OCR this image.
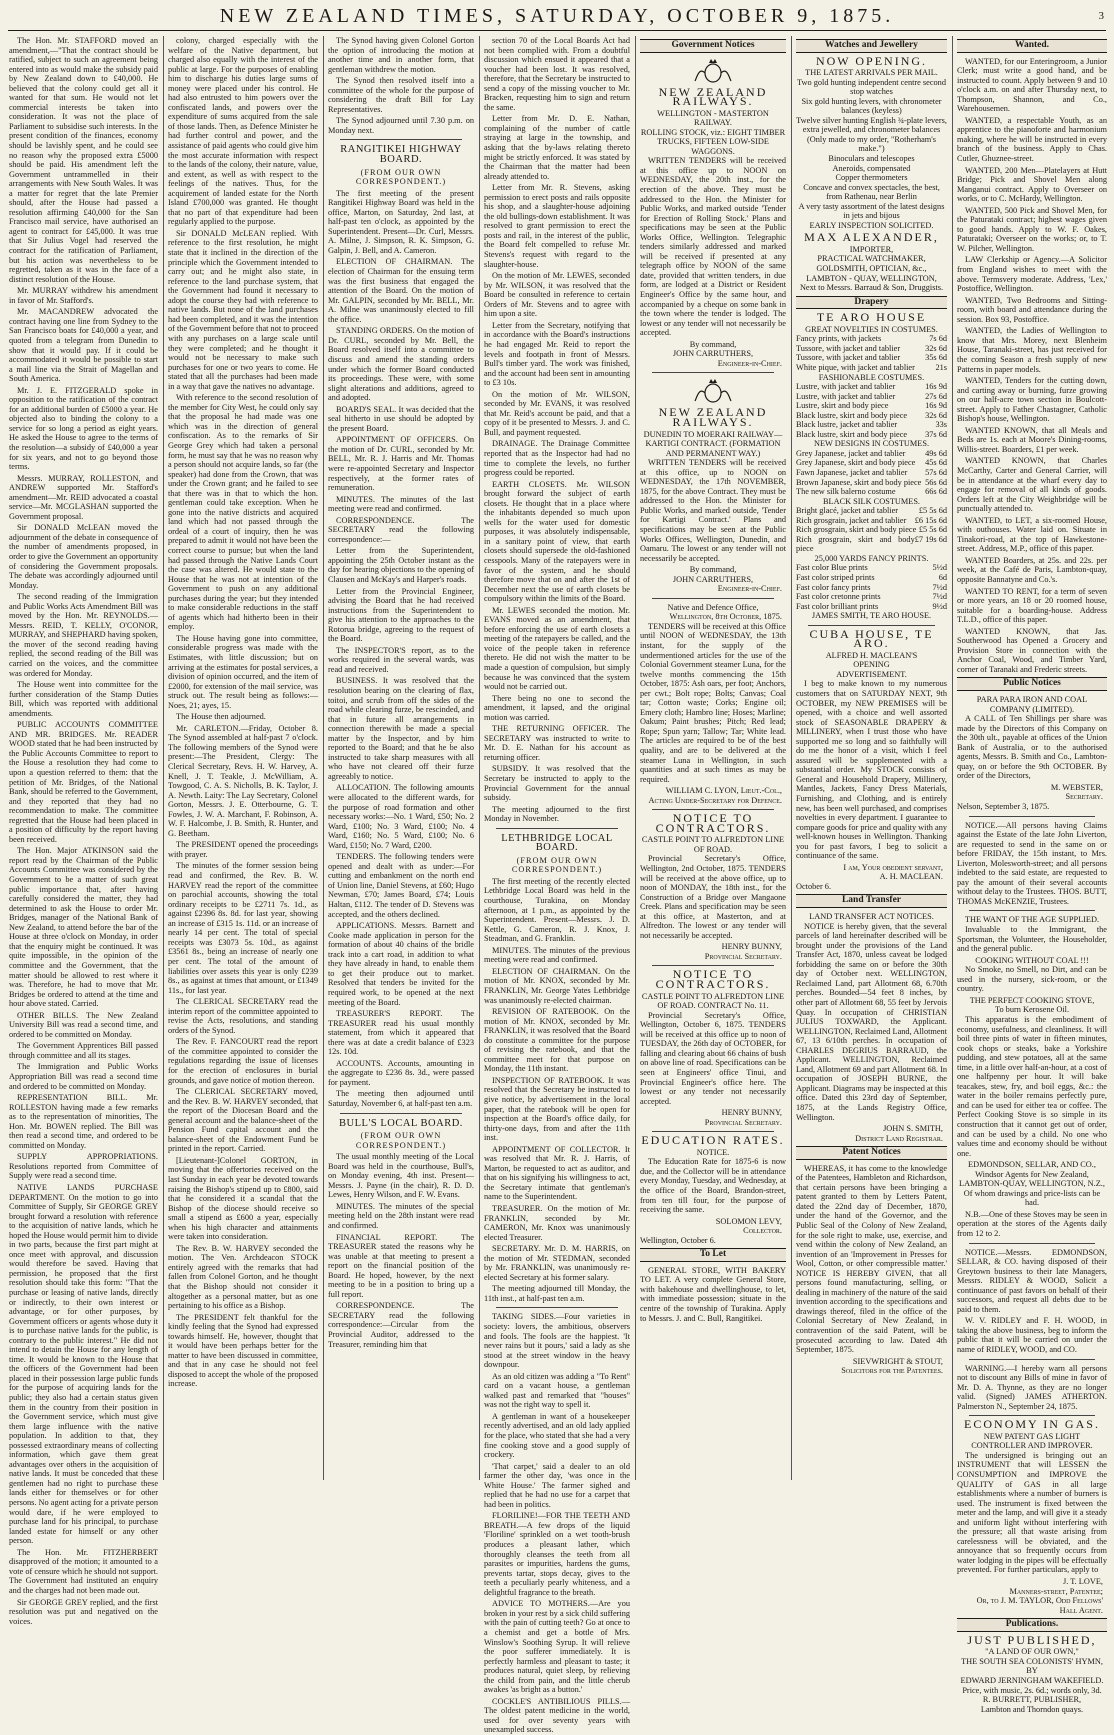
NEW ZEALAND TIMES, SATURDAY, OCTOBER 9, 1875.	3

The Hon. Mr. STAFFORD moved an amendment,—"That the contract should be ratified, subject to such an agreement being entered into as would make the subsidy paid by New Zealand down to £40,000. He believed that the colony could get all it wanted for that sum. He would not let commercial interests be taken into consideration. It was not the place of Parliament to subsidise such interests. In the present condition of the finances, economy should be lavishly spent, and he could see no reason why the proposed extra £5000 should be paid. His amendment left the Government untrammelled in their arrangements with New South Wales. It was a matter for regret that the late Premier should, after the House had passed a resolution affirming £40,000 for the San Francisco mail service, have authorised an agent to contract for £45,000. It was true that Sir Julius Vogel had reserved the contract for the ratification of Parliament, but his action was nevertheless to be regretted, taken as it was in the face of a distinct resolution of the House.

Mr. MURRAY withdrew his amendment in favor of Mr. Stafford's.

Mr. MACANDREW advocated the contract having one line from Sydney to the San Francisco boats for £40,000 a year, and quoted from a telegram from Dunedin to show that it would pay. If it could be accommodated it would be possible to start a mail line via the Strait of Magellan and South America.

Mr. J. E. FITZGERALD spoke in opposition to the ratification of the contract for an additional burden of £5000 a year. He objected also to binding the colony to a service for so long a period as eight years. He asked the House to agree to the terms of the resolution—a subsidy of £40,000 a year for six years, and not to go beyond those terms.

Messrs. MURRAY, ROLLESTON, and ANDREW supported Mr. Stafford's amendment—Mr. REID advocated a coastal service—Mr. MCGLASHAN supported the Government proposal.

Sir DONALD McLEAN moved the adjournment of the debate in consequence of the number of amendments proposed, in order to give the Government an opportunity of considering the Government proposals. The debate was accordingly adjourned until Monday.

The second reading of the Immigration and Public Works Acts Amendment Bill was moved by the Hon. Mr. REYNOLDS.—Messrs. REID, T. KELLY, O'CONOR, MURRAY, and SHEPHARD having spoken, the mover of the second reading having replied, the second reading of the Bill was carried on the voices, and the committee was ordered for Monday.

The House went into committee for the further consideration of the Stamp Duties Bill, which was reported with additional amendments.

PUBLIC ACCOUNTS COMMITTEE AND MR. BRIDGES. Mr. READER WOOD stated that he had been instructed by the Public Accounts Committee to report to the House a resolution they had come to upon a question referred to them: that the petition of Mr. Bridges, of the National Bank, should be referred to the Government, and they reported that they had no recommendation to make. The committee regretted that the House had been placed in a position of difficulty by the report having been received.

The Hon. Major ATKINSON said the report read by the Chairman of the Public Accounts Committee was considered by the Government to be a matter of such great public importance that, after having carefully considered the matter, they had determined to ask the House to order Mr. Bridges, manager of the National Bank of New Zealand, to attend before the bar of the House at three o'clock on Monday, in order that the enquiry might be continued. It was quite impossible, in the opinion of the committee and the Government, that the matter should be allowed to rest where it was. Therefore, he had to move that Mr. Bridges be ordered to attend at the time and hour above stated. Carried.

OTHER BILLS. The New Zealand University Bill was read a second time, and ordered to be committed on Monday.

The Government Apprentices Bill passed through committee and all its stages.

The Immigration and Public Works Appropriation Bill was read a second time and ordered to be committed on Monday.

REPRESENTATION BILL. Mr. ROLLESTON having made a few remarks as to the representation of minorities, The Hon. Mr. BOWEN replied. The Bill was then read a second time, and ordered to be committed on Monday.

SUPPLY APPROPRIATIONS. Resolutions reported from Committee of Supply were read a second time.

NATIVE LANDS PURCHASE DEPARTMENT. On the motion to go into Committee of Supply, Sir GEORGE GREY brought forward a resolution with reference to the acquisition of native lands, which he hoped the House would permit him to divide in two parts, because the first part might at once meet with approval, and discussion would therefore be saved. Having that permission, he proposed that the first resolution should take this form: "That the purchase or leasing of native lands, directly or indirectly, to their own interest or advantage, or for other purposes, by Government officers or agents whose duty it is to purchase native lands for the public, is contrary to the public interest." He did not intend to detain the House for any length of time. It would be known to the House that the officers of the Government had been placed in their possession large public funds for the purpose of acquiring lands for the public; they also had a certain status given them in the country from their position in the Government service, which must give them large influence with the native population. In addition to that, they possessed extraordinary means of collecting information, which gave them great advantages over others in the acquisition of native lands. It must be conceded that these gentlemen had no right to purchase these lands either for themselves or for other persons. No agent acting for a private person would dare, if he were employed to purchase land for his principal, to purchase landed estate for himself or any other person.

The Hon. Mr. FITZHERBERT disapproved of the motion; it amounted to a vote of censure which he should not support. The Government had instituted an enquiry and the charges had not been made out.

Sir GEORGE GREY replied, and the first resolution was put and negatived on the voices.

colony, charged especially with the welfare of the Native department, but charged also equally with the interest of the public at large. For the purposes of enabling him to discharge his duties large sums of money were placed under his control. He had also entrusted to him powers over the confiscated lands, and powers over the expenditure of sums acquired from the sale of those lands. Then, as Defence Minister he had further control and power, and the assistance of paid agents who could give him the most accurate information with respect to the lands of the colony, their nature, value, and extent, as well as with respect to the feelings of the natives. Thus, for the acquirement of landed estate for the North Island £700,000 was granted. He thought that no part of that expenditure had been regularly applied to the purpose.

Sir DONALD McLEAN replied. With reference to the first resolution, he might state that it inclined in the direction of the principle which the Government intended to carry out; and he might also state, in reference to the land purchase system, that the Government had found it necessary to adopt the course they had with reference to native lands. But none of the land purchases had been completed, and it was the intention of the Government before that not to proceed with any purchases on a large scale until they were completed; and he thought it would not be necessary to make such purchases for one or two years to come. He stated that all the purchases had been made in a way that gave the natives no advantage.

With reference to the second resolution of the member for City West, he could only say that the proposal he had made was one which was in the direction of general confiscation. As to the remarks of Sir George Grey which had taken a personal form, he must say that he was no reason why a person should not acquire lands, so far (the speaker) had done from the Crown, that was under the Crown grant; and he failed to see that there was in that to which the hon. gentleman could take exception. When he gone into the native districts and acquired land which had not passed through the ordeal of a court of inquiry, then he was prepared to admit it would not have been the correct course to pursue; but when the land had passed through the Native Lands Court the case was altered. He would state to the House that he was not at intention of the Government to push on any additional purchases during the year; but they intended to make considerable reductions in the staff of agents which had hitherto been in their employ.

The House having gone into committee, considerable progress was made with the Estimates, with little discussion; but on arriving at the estimates for postal services, a division of opinion occurred, and the item of £2000, for extension of the mail service, was struck out. The result being as follows:—Noes, 21; ayes, 15.

The House then adjourned.

Mr. CARLETON.—Friday, October 8. The Synod assembled at half-past 7 o'clock. The following members of the Synod were present:—The President, Clergy: The Clerical Secretary, Revs. H. W. Harvey, A. Knell, J. T. Teakle, J. McWilliam, A. Towgood, C. A. S. Nicholls, B. K. Taylor, J. A. Newth. Laity: The Lay Secretary, Colonel Gorton, Messrs. J. E. Otterbourne, G. T. Fowles, J. W. A. Marchant, F. Robinson, A. W. F. Halcombe, J. B. Smith, R. Hunter, and G. Beetham.

The PRESIDENT opened the proceedings with prayer.

The minutes of the former session being read and confirmed, the Rev. B. W. HARVEY read the report of the committee on parochial accounts, showing the total ordinary receipts to be £2711 7s. 1d., as against £2396 8s. 8d. for last year, showing an increase of £315 1s. 11d. or an increase of nearly 14 per cent. The total of special receipts was £3073 5s. 10d., as against £3561 8s., being an increase of nearly one per cent. The total of the amount of liabilities over assets this year is only £239 8s., as against at times that amount, or £1349 11s., for last year.

The CLERICAL SECRETARY read the interim report of the committee appointed to revise the Acts, resolutions, and standing orders of the Synod.

The Rev. F. FANCOURT read the report of the committee appointed to consider the regulations regarding the issue of licenses for the erection of enclosures in burial grounds, and gave notice of motion thereon.

The CLERICAL SECRETARY moved, and the Rev. B. W. HARVEY seconded, that the report of the Diocesan Board and the general account and the balance-sheet of the Pension Fund capital account and the balance-sheet of the Endowment Fund be printed in the report. Carried.

[Lieutenant-]Colonel GORTON, in moving that the offertories received on the last Sunday in each year be devoted towards raising the Bishop's stipend up to £800, said that he considered it a scandal that the Bishop of the diocese should receive so small a stipend as £600 a year, especially when his high character and attainments were taken into consideration.

The Rev. B. W. HARVEY seconded the motion. The Ven. Archdeacon STOCK entirely agreed with the remarks that had fallen from Colonel Gorton, and he thought that the Bishop should not consider it altogether as a personal matter, but as one pertaining to his office as a Bishop.

The PRESIDENT felt thankful for the kindly feeling that the Synod had expressed towards himself. He, however, thought that it would have been perhaps better for the matter to have been discussed in committee, and that in any case he should not feel disposed to accept the whole of the proposed increase.

The Synod having given Colonel Gorton the option of introducing the motion at another time and in another form, that gentleman withdrew the motion.

The Synod then resolved itself into a committee of the whole for the purpose of considering the draft Bill for Lay Representatives.

The Synod adjourned until 7.30 p.m. on Monday next.

RANGITIKEI HIGHWAY BOARD.
(FROM OUR OWN CORRESPONDENT.)

The first meeting of the present Rangitikei Highway Board was held in the office, Marton, on Saturday, 2nd last, at half-past ten o'clock, as appointed by the Superintendent. Present—Dr. Curl, Messrs. A. Milne, J. Simpson, R. K. Simpson, G. Galpin, J. Bell, and A. Cameron.

ELECTION OF CHAIRMAN. The election of Chairman for the ensuing term was the first business that engaged the attention of the Board. On the motion of Mr. GALPIN, seconded by Mr. BELL, Mr. A. Milne was unanimously elected to fill the office.

STANDING ORDERS. On the motion of Dr. CURL, seconded by Mr. Bell, the Board resolved itself into a committee to discuss and amend the standing orders under which the former Board conducted its proceedings. These were, with some slight alterations and additions, agreed to and adopted.

BOARD'S SEAL. It was decided that the seal hitherto in use should be adopted by the present Board.

APPOINTMENT OF OFFICERS. On the motion of Dr. CURL, seconded by Mr. BELL, Mr. R. J. Harris and Mr. Thomas were re-appointed Secretary and Inspector respectively, at the former rates of remuneration.

MINUTES. The minutes of the last meeting were read and confirmed.

CORRESPONDENCE. The SECRETARY read the following correspondence:—

Letter from the Superintendent, appointing the 25th October instant as the day for hearing objections to the opening of Clausen and McKay's and Harper's roads.

Letter from the Provincial Engineer, advising the Board that he had received instructions from the Superintendent to give his attention to the approaches to the Rotorua bridge, agreeing to the request of the Board.

The INSPECTOR'S report, as to the works required in the several wards, was read and received.

BUSINESS. It was resolved that the resolution bearing on the clearing of flax, toitoi, and scrub from off the sides of the road while clearing furze, be rescinded, and that in future all arrangements in connection therewith be made a special matter by the Inspector, and by him reported to the Board; and that he be also instructed to take sharp measures with all who have not cleared off their furze agreeably to notice.

ALLOCATION. The following amounts were allocated to the different wards, for the purpose of road formation and other necessary works:—No. 1 Ward, £50; No. 2 Ward, £100; No. 3 Ward, £100; No. 4 Ward, £160; No. 5 Ward, £100; No. 6 Ward, £150; No. 7 Ward, £200.

TENDERS. The following tenders were opened and dealt with as under:—For cutting and embankment on the north end of Union line, Daniel Stevens, at £60; Hugo Newman, £70; James Board, £74; Louis Haltan, £112. The tender of D. Stevens was accepted, and the others declined.

APPLICATIONS. Messrs. Barnett and Cooke made application in person for the formation of about 40 chains of the bridle track into a cart road, in addition to what they have already in hand, to enable them to get their produce out to market. Resolved that tenders be invited for the required work, to be opened at the next meeting of the Board.

TREASURER'S REPORT. The TREASURER read his usual monthly statement, from which it appeared that there was at date a credit balance of £323 12s. 10d.

ACCOUNTS. Accounts, amounting in the aggregate to £236 8s. 3d., were passed for payment.

The meeting then adjourned until Saturday, November 6, at half-past ten a.m.

BULL'S LOCAL BOARD.
(FROM OUR OWN CORRESPONDENT.)

The usual monthly meeting of the Local Board was held in the courthouse, Bull's, on Monday evening, 4th inst. Present—Messrs. J. Payne (in the chair), R. D. D. Lewes, Henry Wilson, and F. W. Evans.

MINUTES. The minutes of the special meeting held on the 28th instant were read and confirmed.

FINANCIAL REPORT. The TREASURER stated the reasons why he was unable at that meeting to present a report on the financial position of the Board. He hoped, however, by the next meeting to be in a position to bring up a full report.

CORRESPONDENCE. The SECRETARY read the following correspondence:—Circular from the Provincial Auditor, addressed to the Treasurer, reminding him that

section 70 of the Local Boards Act had not been complied with. From a doubtful discussion which ensued it appeared that a voucher had been lost. It was resolved, therefore, that the Secretary be instructed to send a copy of the missing voucher to Mr. Bracken, requesting him to sign and return the same.

Letter from Mr. D. E. Nathan, complaining of the number of cattle straying at large in the township, and asking that the by-laws relating thereto might be strictly enforced. It was stated by the Chairman that the matter had been already attended to.

Letter from Mr. R. Stevens, asking permission to erect posts and rails opposite his shop, and a slaughter-house adjoining the old bullings-down establishment. It was resolved to grant permission to erect the posts and rail, in the interest of the public, the Board felt compelled to refuse Mr. Stevens's request with regard to the slaughter-house.

On the motion of Mr. LEWES, seconded by Mr. WILSON, it was resolved that the Board be consulted in reference to certain Orders of Mr. Stevens and to agree with him upon a site.

Letter from the Secretary, notifying that in accordance with the Board's instructions he had engaged Mr. Reid to report the levels and footpath in front of Messrs. Bull's timber yard. The work was finished, and the account had been sent in amounting to £3 10s.

On the motion of Mr. WILSON, seconded by Mr. EVANS, it was resolved that Mr. Reid's account be paid, and that a copy of it be presented to Messrs. J. and C. Bull, and payment requested.

DRAINAGE. The Drainage Committee reported that as the Inspector had had no time to complete the levels, no further progress could be reported.

EARTH CLOSETS. Mr. WILSON brought forward the subject of earth closets. He thought that in a place where the inhabitants depended so much upon wells for the water used for domestic purposes, it was absolutely indispensable, in a sanitary point of view, that earth closets should supersede the old-fashioned cesspools. Many of the ratepayers were in favor of the system, and he should therefore move that on and after the 1st of December next the use of earth closets be compulsory within the limits of the Board.

Mr. LEWES seconded the motion. Mr. EVANS moved as an amendment, that before enforcing the use of earth closets a meeting of the ratepayers be called, and the voice of the people taken in reference thereto. He did not wish the matter to be made a question of compulsion, but simply because he was convinced that the system would not be carried out.

There being no one to second the amendment, it lapsed, and the original motion was carried.

THE RETURNING OFFICER. The SECRETARY was instructed to write to Mr. D. E. Nathan for his account as returning officer.

SUBSIDY. It was resolved that the Secretary be instructed to apply to the Provincial Government for the annual subsidy.

The meeting adjourned to the first Monday in November.

LETHBRIDGE LOCAL BOARD.
(FROM OUR OWN CORRESPONDENT.)

The first meeting of the recently elected Lethbridge Local Board was held in the courthouse, Turakina, on Monday afternoon, at 1 p.m., as appointed by the Superintendent. Present—Messrs. J. D. Kettle, G. Cameron, R. J. Knox, J. Steadman, and G. Franklin.

MINUTES. The minutes of the previous meeting were read and confirmed.

ELECTION OF CHAIRMAN. On the motion of Mr. KNOX, seconded by Mr. FRANKLIN, Mr. George Yates Lethbridge was unanimously re-elected chairman.

REVISION OF RATEBOOK. On the motion of Mr. KNOX, seconded by Mr. FRANKLIN, it was resolved that the Board do constitute a committee for the purpose of revising the ratebook, and that the committee meet for that purpose on Monday, the 11th instant.

INSPECTION OF RATEBOOK. It was resolved that the Secretary be instructed to give notice, by advertisement in the local paper, that the ratebook will be open for inspection at the Board's office daily, for thirty-one days, from and after the 11th inst.

APPOINTMENT OF COLLECTOR. It was resolved that Mr. R. J. Harris, of Marton, be requested to act as auditor, and that on his signifying his willingness to act, the Secretary intimate that gentleman's name to the Superintendent.

TREASURER. On the motion of Mr. FRANKLIN, seconded by Mr. CAMERON, Mr. Knox was unanimously elected Treasurer.

SECRETARY. Mr. D. M. HARRIS, on the motion of Mr. STEDMAN, seconded by Mr. FRANKLIN, was unanimously re-elected Secretary at his former salary.

The meeting adjourned till Monday, the 11th inst., at half-past ten a.m.

TAKING SIDES.—Four varieties in society: lovers, the ambitious, observers and fools. The fools are the happiest. 'It never rains but it pours,' said a lady as she stood at the street window in the heavy downpour.

As an old citizen was adding a "To Rent" card on a vacant house, a gentleman walked past and remarked that "houses" was not the right way to spell it.

A gentleman in want of a housekeeper recently advertised, and an old lady applied for the place, who stated that she had a very fine cooking stove and a good supply of crockery.

'That carpet,' said a dealer to an old farmer the other day, 'was once in the White House.' The farmer sighed and replied that he had no use for a carpet that had been in politics.

FLORILINE!—FOR THE TEETH AND BREATH.—A few drops of the liquid 'Floriline' sprinkled on a wet tooth-brush produces a pleasant lather, which thoroughly cleanses the teeth from all parasites or impurities, hardens the gums, prevents tartar, stops decay, gives to the teeth a peculiarly pearly whiteness, and a delightful fragrance to the breath.

ADVICE TO MOTHERS.—Are you broken in your rest by a sick child suffering with the pain of cutting teeth? Go at once to a chemist and get a bottle of Mrs. Winslow's Soothing Syrup. It will relieve the poor sufferer immediately. It is perfectly harmless and pleasant to taste; it produces natural, quiet sleep, by relieving the child from pain, and the little cherub awakes 'as bright as a button.'

COCKLE'S ANTIBILIOUS PILLS.—The oldest patent medicine in the world, used for over seventy years with unexampled success.

Government Notices
NEW ZEALAND RAILWAYS.
WELLINGTON - MASTERTON RAILWAY.
ROLLING STOCK, viz.: EIGHT TIMBER TRUCKS, FIFTEEN LOW-SIDE WAGGONS.

WRITTEN TENDERS will be received at this office up to NOON on WEDNESDAY, the 20th inst., for the erection of the above. They must be addressed to the Hon. the Minister for Public Works, and marked outside 'Tender for Erection of Rolling Stock.' Plans and specifications may be seen at the Public Works Office, Wellington. Telegraphic tenders similarly addressed and marked will be received if presented at any telegraph office by NOON of the same date, provided that written tenders, in due form, are lodged at a District or Resident Engineer's Office by the same hour, and accompanied by a cheque on some bank in the town where the tender is lodged. The lowest or any tender will not necessarily be accepted.

By command,
JOHN CARRUTHERS,
Engineer-in-Chief.
NEW ZEALAND RAILWAYS.
DUNEDIN TO MOERAKI RAILWAY—KARTIGI CONTRACT. (FORMATION AND PERMANENT WAY.)

WRITTEN TENDERS will be received at this office, up to NOON on WEDNESDAY, the 17th NOVEMBER, 1875, for the above Contract. They must be addressed to the Hon. the Minister for Public Works, and marked outside, 'Tender for Kartigi Contract.' Plans and specifications may be seen at the Public Works Offices, Wellington, Dunedin, and Oamaru. The lowest or any tender will not necessarily be accepted.

By command,
JOHN CARRUTHERS,
Engineer-in-Chief.
Native and Defence Office,
Wellington, 8th October, 1875.

TENDERS will be received at this Office until NOON of WEDNESDAY, the 13th instant, for the supply of the undermentioned articles for the use of the Colonial Government steamer Luna, for the twelve months commencing the 15th October, 1875: Ash oars, per foot; Anchors, per cwt.; Bolt rope; Bolts; Canvas; Coal tar; Cotton waste; Corks; Engine oil; Emery cloth; Hambro line; Hoses; Marline; Oakum; Paint brushes; Pitch; Red lead; Rope; Spun yarn; Tallow; Tar; White lead. The articles are required to be of the best quality, and are to be delivered at the steamer Luna in Wellington, in such quantities and at such times as may be required.

WILLIAM C. LYON, Lieut.-Col.,
Acting Under-Secretary for Defence.
NOTICE TO CONTRACTORS.
CASTLE POINT TO ALFREDTON LINE OF ROAD.

Provincial Secretary's Office, Wellington, 2nd October, 1875. TENDERS will be received at the above office, up to noon of MONDAY, the 18th inst., for the Construction of a Bridge over Mangaone Creek. Plans and specification may be seen at this office, at Masterton, and at Alfredton. The lowest or any tender will not necessarily be accepted.

HENRY BUNNY,
Provincial Secretary.
NOTICE TO CONTRACTORS.
CASTLE POINT TO ALFREDTON LINE OF ROAD. CONTRACT No. 11.

Provincial Secretary's Office, Wellington, October 6, 1875. TENDERS will be received at this office up to noon of TUESDAY, the 26th day of OCTOBER, for falling and clearing about 66 chains of bush on above line of road. Specifications can be seen at Engineers' office Tinui, and Provincial Engineer's office here. The lowest or any tender not necessarily accepted.

HENRY BUNNY,
Provincial Secretary.
EDUCATION RATES.
NOTICE.

The Education Rate for 1875-6 is now due, and the Collector will be in attendance every Monday, Tuesday, and Wednesday, at the office of the Board, Brandon-street, from ten till four, for the purpose of receiving the same.

SOLOMON LEVY,
Collector.
Wellington, October 6.
To Let

GENERAL STORE, WITH BAKERY TO LET. A very complete General Store, with bakehouse and dwellinghouse, to let, with immediate possession; situate in the centre of the township of Turakina. Apply to Messrs. J. and C. Bull, Rangitikei.

Watches and Jewellery
NOW OPENING.
THE LATEST ARRIVALS PER MAIL.
Two gold hunting independent centre second stop watches
Six gold hunting levers, with chronometer balances (keyless)
Twelve silver hunting English ¾-plate levers, extra jewelled, and chronometer balances
(Only made to my order, "Rotherham's make.")
Binoculars and telescopes
Aneroids, compensated
Copper thermometers
Concave and convex spectacles, the best, from Rathenau, near Berlin
A very tasty assortment of the latest designs in jets and bijous
EARLY INSPECTION SOLICITED.
MAX ALEXANDER,
IMPORTER,
PRACTICAL WATCHMAKER, GOLDSMITH, OPTICIAN, &c.,
LAMBTON - QUAY, WELLINGTON,
Next to Messrs. Barraud & Son, Druggists.
Drapery
TE ARO HOUSE
GREAT NOVELTIES IN COSTUMES.
Fancy prints, with jackets	7s 6d
Tussore, with jacket and tablier	32s 6d
Tussore, with jacket and tablier	35s 6d
White pique, with jacket and tablier	21s
FASHIONABLE COSTUMES.
Lustre, with jacket and tablier	16s 9d
Lustre, with jacket and tablier	27s 6d
Lustre, skirt and body piece	16s 9d
Black lustre, skirt and body piece	32s 6d
Black lustre, jacket and tablier	33s
Black lustre, skirt and body piece	37s 6d
NEW DESIGNS IN COSTUMES.
Grey Japanese, jacket and tablier	49s 6d
Grey Japanese, skirt and body piece	45s 6d
Fawn Japanese, jacket and tablier	57s 6d
Brown Japanese, skirt and body piece 56s 6d
The new silk balerno costume	66s 6d
BLACK SILK COSTUMES.
Bright glacé, jacket and tablier	£5 5s 6d
Rich grosgrain, jacket and tablier	£6 15s 6d
Rich grosgrain, skirt and body piece £5 5s 6d
Rich grosgrain, skirt and body piece
£7 19s 6d
25,000 YARDS FANCY PRINTS.
Fast color Blue prints	5½d
Fast color striped prints	6d
Fast color fancy prints	7½d
Fast color cretonne prints	7½d
Fast color brilliant prints	9½d
JAMES SMITH, TE ARO HOUSE.
CUBA HOUSE, TE ARO.
ALFRED H. MACLEAN'S
OPENING
ADVERTISEMENT.

I beg to make known to my numerous customers that on SATURDAY NEXT, 9th OCTOBER, my NEW PREMISES will be opened, with a choice and well assorted stock of SEASONABLE DRAPERY & MILLINERY, when I trust those who have supported me so long and so faithfully will do me the honor of a visit, which I feel assured will be supplemented with a substantial order. My STOCK consists of General and Household Drapery, Millinery, Mantles, Jackets, Fancy Dress Materials, Furnishing, and Clothing, and is entirely new, has been well purchased, and comprises novelties in every department. I guarantee to compare goods for price and quality with any well-known houses in Wellington. Thanking you for past favors, I beg to solicit a continuance of the same.

I am, Your obedient servant,
A. H. MACLEAN.
October 6.
Land Transfer
LAND TRANSFER ACT NOTICES.

NOTICE is hereby given, that the several parcels of land hereinafter described will be brought under the provisions of the Land Transfer Act, 1870, unless caveat be lodged forbidding the same on or before the 30th day of October next. WELLINGTON, Reclaimed Land, part Allotment 68, 6.70th perches. Bounded—54 feet 8 inches, by other part of Allotment 68, 55 feet by Jervois Quay. In occupation of CHRISTIAN JULIUS TOXWARD, the Applicant. WELLINGTON, Reclaimed Land, Allotment 67, 13 6/10th perches. In occupation of CHARLES DEGRIUS BARRAUD, the Applicant. WELLINGTON, Reclaimed Land, Allotment 69 and part Allotment 68. In occupation of JOSEPH BURNE, the Applicant. Diagrams may be inspected at this office. Dated this 23rd day of September, 1875, at the Lands Registry Office, Wellington.

JOHN S. SMITH,
District Land Registrar.
Patent Notices

WHEREAS, it has come to the knowledge of the Patentees, Hambleton and Richardson, that certain persons have been bringing a patent granted to them by Letters Patent, dated the 22nd day of December, 1870, under the hand of the Governor, and the Public Seal of the Colony of New Zealand, for the sole right to make, use, exercise, and vend within the colony of New Zealand, an invention of an 'Improvement in Presses for Wool, Cotton, or other compressible matter.' NOTICE IS HEREBY GIVEN, that all persons found manufacturing, selling, or dealing in machinery of the nature of the said invention according to the specifications and drawings thereof, filed in the office of the Colonial Secretary of New Zealand, in contravention of the said Patent, will be prosecuted according to law. Dated 4th September, 1875.

SIEVWRIGHT & STOUT,
Solicitors for the Patentees.
Wanted.

WANTED, for our Enteringroom, a Junior Clerk; must write a good hand, and be instructed to count. Apply between 9 and 10 o'clock a.m. on and after Thursday next, to Thompson, Shannon, and Co., Warehousemen.

WANTED, a respectable Youth, as an apprentice to the pianoforte and harmonium making, where he will be instructed in every branch of the business. Apply to Chas. Cutler, Ghuznee-street.

WANTED, 200 Men—Platelayers at Hutt Bridge; Pick and Shovel Men along Manganui contract. Apply to Overseer on works, or to C. McHardy, Wellington.

WANTED, 500 Pick and Shovel Men, for the Paturataki contract; highest wages given to good hands. Apply to W. F. Oakes, Paturataki; Overseer on the works; or, to T. W. Pilcher, Wellington.

LAW Clerkship or Agency.—A Solicitor from England wishes to meet with the above. Termsvery moderate. Address, 'Lex,' Postoffice, Wellington.

WANTED, Two Bedrooms and Sitting-room, with board and attendance during the session. Box 93, Postoffice.

WANTED, the Ladies of Wellington to know that Mrs. Morey, next Blenheim House, Taranaki-street, has just received for the coming Season a fresh supply of new Patterns in paper models.

WANTED, Tenders for the cutting down, and carting away or burning, furze growing on our half-acre town section in Boulcott-street. Apply to Father Chastagner, Catholic Bishop's house, Wellington.

WANTED KNOWN, that all Meals and Beds are 1s. each at Moore's Dining-rooms, Willis-street. Boarders, £1 per week.

WANTED KNOWN, that Charles McCarthy, Carter and General Carrier, will be in attendance at the wharf every day to engage for removal of all kinds of goods. Orders left at the City Weighbridge will be punctually attended to.

WANTED, to LET, a six-roomed House, with outhouses. Water laid on. Situate in Tinakori-road, at the top of Hawkestone-street. Address, M.P., office of this paper.

WANTED Boarders, at 25s. and 22s. per week, at the Café de Paris, Lambton-quay, opposite Bannatyne and Co.'s.

WANTED TO RENT, for a term of seven or more years, an 18 or 20 roomed house, suitable for a boarding-house. Address T.L.D., office of this paper.

WANTED KNOWN, that Jas. Southerwood has Opened a Grocery and Provision Store in connection with the Anchor Coal, Wood, and Timber Yard, corner of Taranaki and Frederic streets.

Public Notices
PARA PARA IRON AND COAL COMPANY (LIMITED).

A CALL of Ten Shillings per share was made by the Directors of this Company on the 30th ult., payable at offices of the Union Bank of Australia, or to the authorised agents, Messrs. B. Smith and Co., Lambton-quay, on or before the 9th OCTOBER. By order of the Directors,

M. WEBSTER,
Secretary.
Nelson, September 3, 1875.

NOTICE.—All persons having Claims against the Estate of the late John Liverton, are requested to send in the same on or before FRIDAY, the 15th instant, to Mrs. Liverton, Molesworth-street; and all persons indebted to the said estate, are requested to pay the amount of their several accounts without delay to the Trustees. THOS. BUTT, THOMAS McKENZIE, Trustees.

THE WANT OF THE AGE SUPPLIED.

Invaluable to the Immigrant, the Sportsman, the Volunteer, the Householder, and the general public.

COOKING WITHOUT COAL !!!

No Smoke, no Smell, no Dirt, and can be used in the nursery, sick-room, or the country.

THE PERFECT COOKING STOVE,
To burn Kerosene Oil.

This apparatus is the embodiment of economy, usefulness, and cleanliness. It will boil three pints of water in fifteen minutes, cook chops or steaks, bake a Yorkshire pudding, and stew potatoes, all at the same time, in a little over half-an-hour, at a cost of one halfpenny per hour. It will bake teacakes, stew, fry, and boil eggs, &c.: the water in the boiler remains perfectly pure, and can be used for either tea or coffee. The Perfect Cooking Stove is so simple in its construction that it cannot get out of order, and can be used by a child. No one who values time and economy should be without one.

EDMONDSON, SELLAR, AND CO., Windsor Agents for New Zealand, LAMBTON-QUAY, WELLINGTON, N.Z., Of whom drawings and price-lists can be had.

N.B.—One of these Stoves may be seen in operation at the stores of the Agents daily from 12 to 2.

NOTICE.—Messrs. EDMONDSON, SELLAR, & CO. having disposed of their Greytown business to their late Managers, Messrs. RIDLEY & WOOD, Solicit a continuance of past favors on behalf of their successors, and request all debts due to be paid to them.

W. V. RIDLEY and F. H. WOOD, in taking the above business, beg to inform the public that it will be carried on under the name of RIDLEY, WOOD, and CO.

WARNING.—I hereby warn all persons not to discount any Bills of mine in favor of Mr. D. A. Thynne, as they are no longer valid. (Signed) JAMES ATHERTON. Palmerston N., September 24, 1875.

ECONOMY IN GAS.
NEW PATENT GAS LIGHT CONTROLLER AND IMPROVER.

The undersigned is bringing out an INSTRUMENT that will LESSEN the CONSUMPTION and IMPROVE the QUALITY of GAS in all large establishments where a number of burners is used. The instrument is fixed between the meter and the lamp, and will give it a steady and uniform light without interfering with the pressure; all that waste arising from carelessness will be obviated, and the annoyance that so frequently occurs from water lodging in the pipes will be effectually prevented. For further particulars, apply to

J. T. LOVE,
Manners-street, Patentee;
Or, to J. M. TAYLOR, Odd Fellows' Hall Agent.
Publications.
JUST PUBLISHED,
"A LAND OF OUR OWN,"
THE SOUTH SEA COLONISTS' HYMN,
BY
EDWARD JERNINGHAM WAKEFIELD.
Price, with music, 2s. 6d.; words only, 3d.
R. BURRETT, PUBLISHER,
Lambton and Thorndon quays.
